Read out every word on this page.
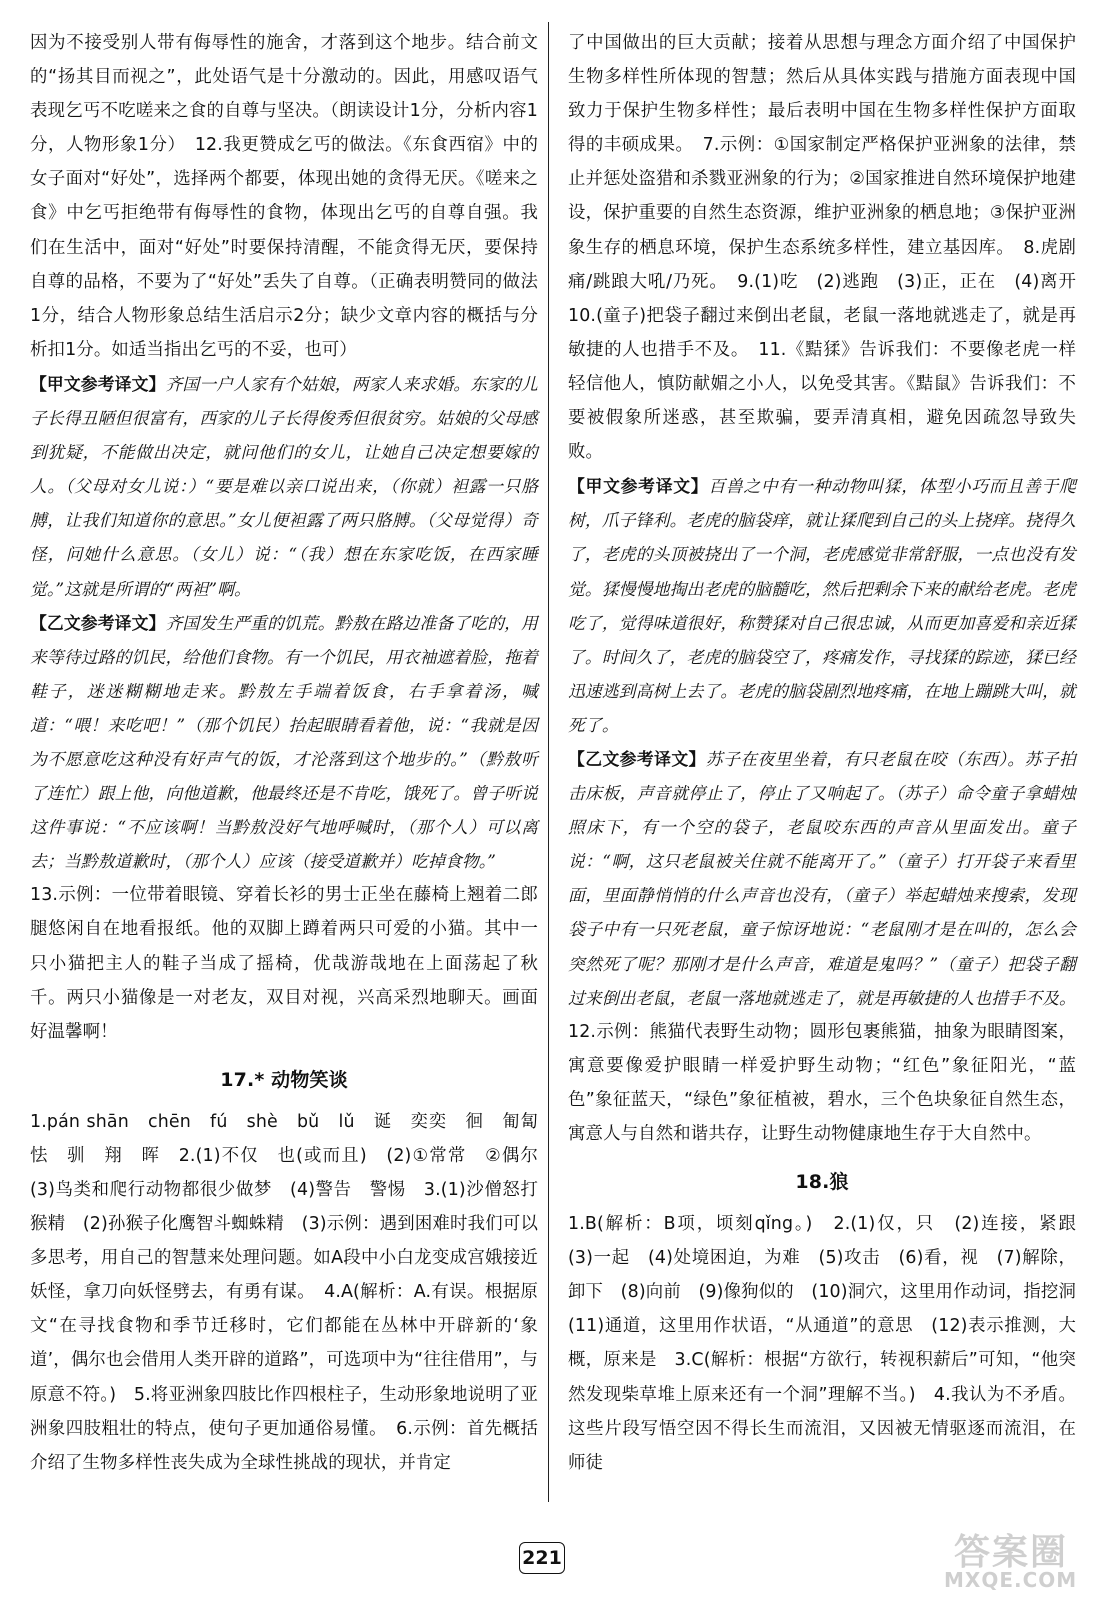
因为不接受别人带有侮辱性的施舍，才落到这个地步。结合前文的“扬其目而视之”，此处语气是十分激动的。因此，用感叹语气表现乞丐不吃嗟来之食的自尊与坚决。（朗读设计1分，分析内容1分，人物形象1分）　12.我更赞成乞丐的做法。《东食西宿》中的女子面对“好处”，选择两个都要，体现出她的贪得无厌。《嗟来之食》中乞丐拒绝带有侮辱性的食物，体现出乞丐的自尊自强。我们在生活中，面对“好处”时要保持清醒，不能贪得无厌，要保持自尊的品格，不要为了“好处”丢失了自尊。（正确表明赞同的做法1分，结合人物形象总结生活启示2分；缺少文章内容的概括与分析扣1分。如适当指出乞丐的不妥，也可）

【甲文参考译文】齐国一户人家有个姑娘，两家人来求婚。东家的儿子长得丑陋但很富有，西家的儿子长得俊秀但很贫穷。姑娘的父母感到犹疑，不能做出决定，就问他们的女儿，让她自己决定想要嫁的人。（父母对女儿说：）“要是难以亲口说出来，（你就）袒露一只胳膊，让我们知道你的意思。”女儿便袒露了两只胳膊。（父母觉得）奇怪，问她什么意思。（女儿）说：“（我）想在东家吃饭，在西家睡觉。”这就是所谓的“两袒”啊。

【乙文参考译文】齐国发生严重的饥荒。黔敖在路边准备了吃的，用来等待过路的饥民，给他们食物。有一个饥民，用衣袖遮着脸，拖着鞋子，迷迷糊糊地走来。黔敖左手端着饭食，右手拿着汤，喊道：“喂！来吃吧！”（那个饥民）抬起眼睛看着他，说：“我就是因为不愿意吃这种没有好声气的饭，才沦落到这个地步的。”（黔敖听了连忙）跟上他，向他道歉，他最终还是不肯吃，饿死了。曾子听说这件事说：“不应该啊！当黔敖没好气地呼喊时，（那个人）可以离去；当黔敖道歉时，（那个人）应该（接受道歉并）吃掉食物。”

13.示例：一位带着眼镜、穿着长衫的男士正坐在藤椅上翘着二郎腿悠闲自在地看报纸。他的双脚上蹲着两只可爱的小猫。其中一只小猫把主人的鞋子当成了摇椅，优哉游哉地在上面荡起了秋千。两只小猫像是一对老友，双目对视，兴高采烈地聊天。画面好温馨啊！

17.* 动物笑谈

1.pán shān　chēn　fú　shè　bǔ　lǔ　诞　奕奕　徊　匍匐　怯　驯　翔　晖　2.(1)不仅　也(或而且)　(2)①常常　②偶尔　(3)鸟类和爬行动物都很少做梦　(4)警告　警惕　3.(1)沙僧怒打猴精　(2)孙猴子化鹰智斗蜘蛛精　(3)示例：遇到困难时我们可以多思考，用自己的智慧来处理问题。如A段中小白龙变成宫娥接近妖怪，拿刀向妖怪劈去，有勇有谋。　4.A(解析：A.有误。根据原文“在寻找食物和季节迁移时，它们都能在丛林中开辟新的‘象道’，偶尔也会借用人类开辟的道路”，可选项中为“往往借用”，与原意不符。)　5.将亚洲象四肢比作四根柱子，生动形象地说明了亚洲象四肢粗壮的特点，使句子更加通俗易懂。　6.示例：首先概括介绍了生物多样性丧失成为全球性挑战的现状，并肯定

了中国做出的巨大贡献；接着从思想与理念方面介绍了中国保护生物多样性所体现的智慧；然后从具体实践与措施方面表现中国致力于保护生物多样性；最后表明中国在生物多样性保护方面取得的丰硕成果。　7.示例：①国家制定严格保护亚洲象的法律，禁止并惩处盗猎和杀戮亚洲象的行为；②国家推进自然环境保护地建设，保护重要的自然生态资源，维护亚洲象的栖息地；③保护亚洲象生存的栖息环境，保护生态系统多样性，建立基因库。　8.虎剧痛/跳踉大吼/乃死。　9.(1)吃　(2)逃跑　(3)正，正在　(4)离开　10.(童子)把袋子翻过来倒出老鼠，老鼠一落地就逃走了，就是再敏捷的人也措手不及。　11.《黠猱》告诉我们：不要像老虎一样轻信他人，慎防献媚之小人，以免受其害。《黠鼠》告诉我们：不要被假象所迷惑，甚至欺骗，要弄清真相，避免因疏忽导致失败。

【甲文参考译文】百兽之中有一种动物叫猱，体型小巧而且善于爬树，爪子锋利。老虎的脑袋痒，就让猱爬到自己的头上挠痒。挠得久了，老虎的头顶被挠出了一个洞，老虎感觉非常舒服，一点也没有发觉。猱慢慢地掏出老虎的脑髓吃，然后把剩余下来的献给老虎。老虎吃了，觉得味道很好，称赞猱对自己很忠诚，从而更加喜爱和亲近猱了。时间久了，老虎的脑袋空了，疼痛发作，寻找猱的踪迹，猱已经迅速逃到高树上去了。老虎的脑袋剧烈地疼痛，在地上蹦跳大叫，就死了。

【乙文参考译文】苏子在夜里坐着，有只老鼠在咬（东西）。苏子拍击床板，声音就停止了，停止了又响起了。（苏子）命令童子拿蜡烛照床下，有一个空的袋子，老鼠咬东西的声音从里面发出。童子说：“啊，这只老鼠被关住就不能离开了。”（童子）打开袋子来看里面，里面静悄悄的什么声音也没有，（童子）举起蜡烛来搜索，发现袋子中有一只死老鼠，童子惊讶地说：“老鼠刚才是在叫的，怎么会突然死了呢？那刚才是什么声音，难道是鬼吗？”（童子）把袋子翻过来倒出老鼠，老鼠一落地就逃走了，就是再敏捷的人也措手不及。

12.示例：熊猫代表野生动物；圆形包裹熊猫，抽象为眼睛图案，寓意要像爱护眼睛一样爱护野生动物；“红色”象征阳光，“蓝色”象征蓝天，“绿色”象征植被，碧水，三个色块象征自然生态，寓意人与自然和谐共存，让野生动物健康地生存于大自然中。

18.狼

1.B(解析：B项，顷刻qǐng。)　2.(1)仅，只　(2)连接，紧跟　(3)一起　(4)处境困迫，为难　(5)攻击　(6)看，视　(7)解除，卸下　(8)向前　(9)像狗似的　(10)洞穴，这里用作动词，指挖洞　(11)通道，这里用作状语，“从通道”的意思　(12)表示推测，大概，原来是　3.C(解析：根据“方欲行，转视积薪后”可知，“他突然发现柴草堆上原来还有一个洞”理解不当。)　4.我认为不矛盾。这些片段写悟空因不得长生而流泪，又因被无情驱逐而流泪，在师徒

221	答案圈
MXQE.COM
